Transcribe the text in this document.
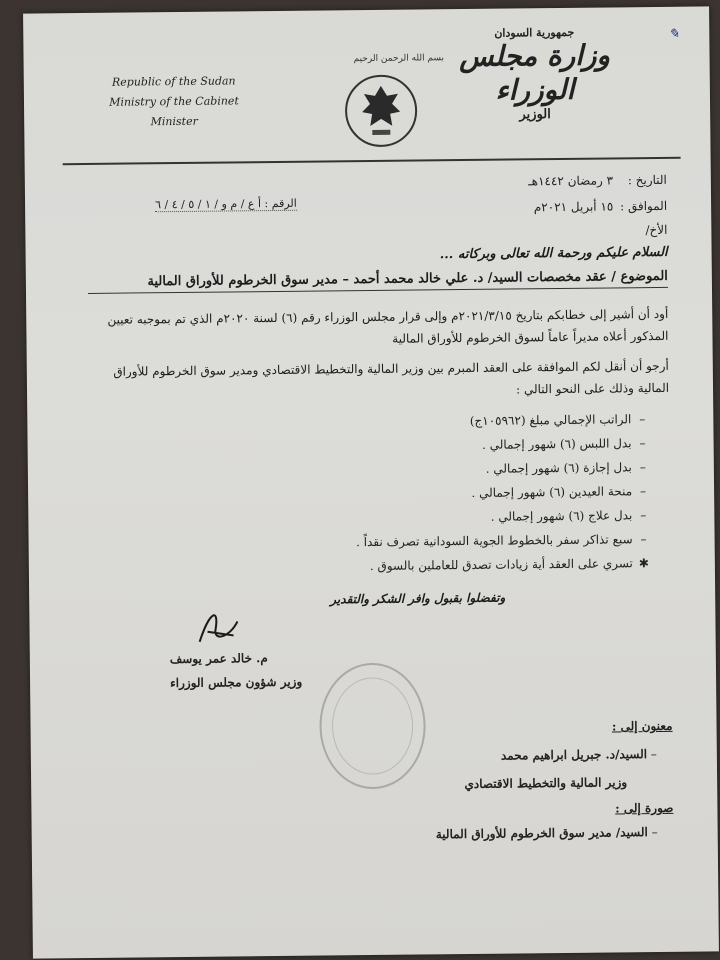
✎
Republic of the Sudan
Ministry of the Cabinet
Minister
بسم الله الرحمن الرحيم
جمهورية السودان
وزارة مجلس الوزراء
الوزير
التاريخ : ٣ رمضان ١٤٤٢هـ
الموافق : ١٥ أبريل ٢٠٢١م
الأخ/
الرقم : أ ع / م و / ١ / ٥ / ٤ / ٦
السلام عليكم ورحمة الله تعالى وبركاته ...
الموضوع / عقد مخصصات السيد/ د. علي خالد محمد أحمد – مدير سوق الخرطوم للأوراق المالية
أود أن أشير إلى خطابكم بتاريخ ٢٠٢١/٣/١٥م وإلى قرار مجلس الوزراء رقم (٦) لسنة ٢٠٢٠م الذي تم بموجبه تعيين المذكور أعلاه مديراً عاماً لسوق الخرطوم للأوراق المالية
أرجو أن أنقل لكم الموافقة على العقد المبرم بين وزير المالية والتخطيط الاقتصادي ومدير سوق الخرطوم للأوراق المالية وذلك على النحو التالي :
–الراتب الإجمالي مبلغ (١٠٥٩٦٢ج)
–بدل اللبس (٦) شهور إجمالي .
–بدل إجازة (٦) شهور إجمالي .
–منحة العيدين (٦) شهور إجمالي .
–بدل علاج (٦) شهور إجمالي .
–سبع تذاكر سفر بالخطوط الجوية السودانية تصرف نقداً .
✱تسري على العقد أية زيادات تصدق للعاملين بالسوق .
وتفضلوا بقبول وافر الشكر والتقدير
م. خالد عمر يوسف
وزير شؤون مجلس الوزراء
معنون إلى :
– السيد/د. جبريل ابراهيم محمد
وزير المالية والتخطيط الاقتصادي
صورة إلى :
– السيد/ مدير سوق الخرطوم للأوراق المالية
